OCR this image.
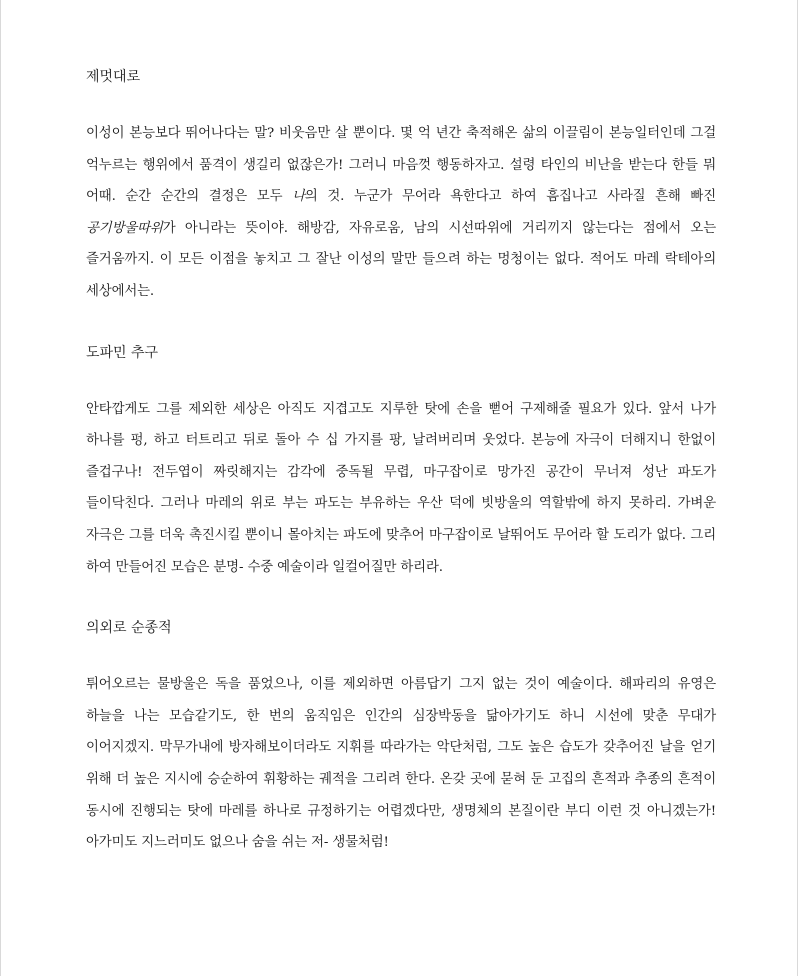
제멋대로

이성이 본능보다 뛰어나다는 말? 비웃음만 살 뿐이다. 몇 억 년간 축적해온 삶의 이끌림이 본능일터인데 그걸 억누르는 행위에서 품격이 생길리 없잖은가! 그러니 마음껏 행동하자고. 설령 타인의 비난을 받는다 한들 뭐 어때. 순간 순간의 결정은 모두 나의 것. 누군가 무어라 욕한다고 하여 흠집나고 사라질 흔해 빠진 공기방울따위가 아니라는 뜻이야. 해방감, 자유로움, 남의 시선따위에 거리끼지 않는다는 점에서 오는 즐거움까지. 이 모든 이점을 놓치고 그 잘난 이성의 말만 들으려 하는 멍청이는 없다. 적어도 마레 락테아의 세상에서는.

도파민 추구

안타깝게도 그를 제외한 세상은 아직도 지겹고도 지루한 탓에 손을 뻗어 구제해줄 필요가 있다. 앞서 나가 하나를 펑, 하고 터트리고 뒤로 돌아 수 십 가지를 팡, 날려버리며 웃었다. 본능에 자극이 더해지니 한없이 즐겁구나! 전두엽이 짜릿해지는 감각에 중독될 무렵, 마구잡이로 망가진 공간이 무너져 성난 파도가 들이닥친다. 그러나 마레의 위로 부는 파도는 부유하는 우산 덕에 빗방울의 역할밖에 하지 못하리. 가벼운 자극은 그를 더욱 촉진시킬 뿐이니 몰아치는 파도에 맞추어 마구잡이로 날뛰어도 무어라 할 도리가 없다. 그리 하여 만들어진 모습은 분명- 수중 예술이라 일컬어질만 하리라.

의외로 순종적

튀어오르는 물방울은 독을 품었으나, 이를 제외하면 아름답기 그지 없는 것이 예술이다. 해파리의 유영은 하늘을 나는 모습같기도, 한 번의 움직임은 인간의 심장박동을 닮아가기도 하니 시선에 맞춘 무대가 이어지겠지. 막무가내에 방자해보이더라도 지휘를 따라가는 악단처럼, 그도 높은 습도가 갖추어진 날을 얻기 위해 더 높은 지시에 승순하여 휘황하는 궤적을 그리려 한다. 온갖 곳에 묻혀 둔 고집의 흔적과 추종의 흔적이 동시에 진행되는 탓에 마레를 하나로 규정하기는 어렵겠다만, 생명체의 본질이란 부디 이런 것 아니겠는가! 아가미도 지느러미도 없으나 숨을 쉬는 저- 생물처럼!
